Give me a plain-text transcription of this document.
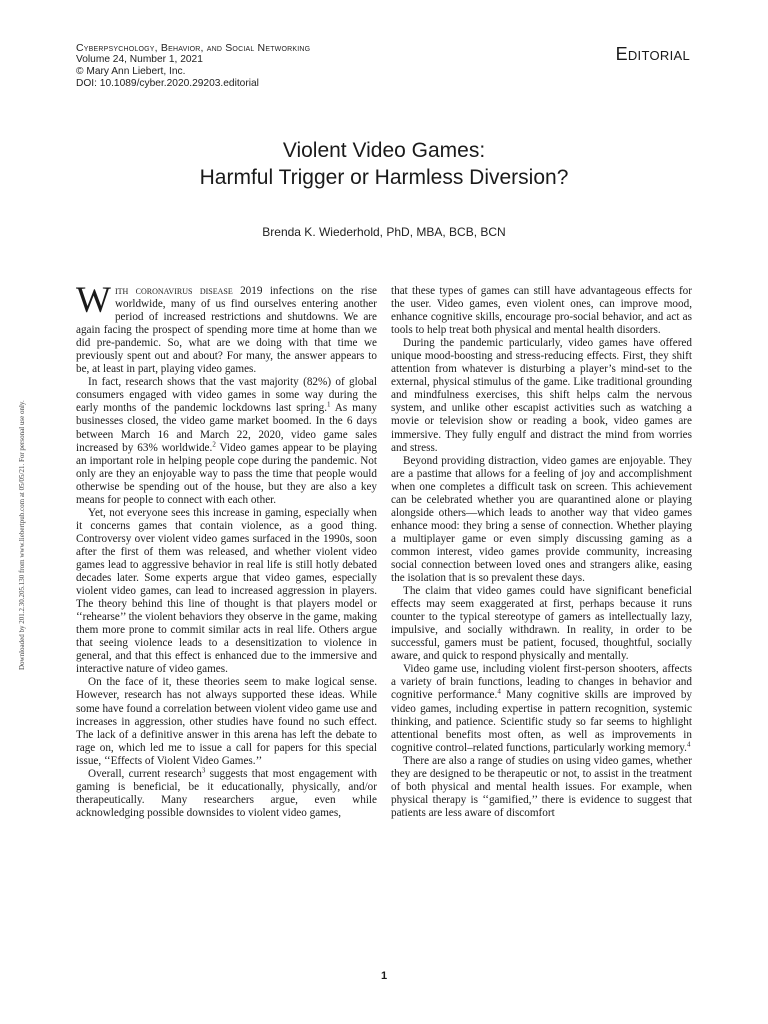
Cyberpsychology, Behavior, and Social Networking
Volume 24, Number 1, 2021
© Mary Ann Liebert, Inc.
DOI: 10.1089/cyber.2020.29203.editorial
Editorial
Violent Video Games:
Harmful Trigger or Harmless Diversion?
Brenda K. Wiederhold, PhD, MBA, BCB, BCN
Downloaded by 201.2.30.205.130 from www.liebertpub.com at 05/05/21. For personal use only.

With coronavirus disease 2019 infections on the rise worldwide, many of us find ourselves entering another period of increased restrictions and shutdowns. We are again facing the prospect of spending more time at home than we did pre-pandemic. So, what are we doing with that time we previously spent out and about? For many, the answer appears to be, at least in part, playing video games.

In fact, research shows that the vast majority (82%) of global consumers engaged with video games in some way during the early months of the pandemic lockdowns last spring.$^1$ As many businesses closed, the video game market boomed. In the 6 days between March 16 and March 22, 2020, video game sales increased by 63% worldwide.$^2$ Video games appear to be playing an important role in helping people cope during the pandemic. Not only are they an enjoyable way to pass the time that people would otherwise be spending out of the house, but they are also a key means for people to connect with each other.

Yet, not everyone sees this increase in gaming, especially when it concerns games that contain violence, as a good thing. Controversy over violent video games surfaced in the 1990s, soon after the first of them was released, and whether violent video games lead to aggressive behavior in real life is still hotly debated decades later. Some experts argue that video games, especially violent video games, can lead to increased aggression in players. The theory behind this line of thought is that players model or ‘‘rehearse’’ the violent behaviors they observe in the game, making them more prone to commit similar acts in real life. Others argue that seeing violence leads to a desensitization to violence in general, and that this effect is enhanced due to the immersive and interactive nature of video games.

On the face of it, these theories seem to make logical sense. However, research has not always supported these ideas. While some have found a correlation between violent video game use and increases in aggression, other studies have found no such effect. The lack of a definitive answer in this arena has left the debate to rage on, which led me to issue a call for papers for this special issue, ‘‘Effects of Violent Video Games.’’

Overall, current research$^3$ suggests that most engagement with gaming is beneficial, be it educationally, physically, and/or therapeutically. Many researchers argue, even while acknowledging possible downsides to violent video games,

that these types of games can still have advantageous effects for the user. Video games, even violent ones, can improve mood, enhance cognitive skills, encourage pro-social behavior, and act as tools to help treat both physical and mental health disorders.

During the pandemic particularly, video games have offered unique mood-boosting and stress-reducing effects. First, they shift attention from whatever is disturbing a player’s mind-set to the external, physical stimulus of the game. Like traditional grounding and mindfulness exercises, this shift helps calm the nervous system, and unlike other escapist activities such as watching a movie or television show or reading a book, video games are immersive. They fully engulf and distract the mind from worries and stress.

Beyond providing distraction, video games are enjoyable. They are a pastime that allows for a feeling of joy and accomplishment when one completes a difficult task on screen. This achievement can be celebrated whether you are quarantined alone or playing alongside others—which leads to another way that video games enhance mood: they bring a sense of connection. Whether playing a multiplayer game or even simply discussing gaming as a common interest, video games provide community, increasing social connection between loved ones and strangers alike, easing the isolation that is so prevalent these days.

The claim that video games could have significant beneficial effects may seem exaggerated at first, perhaps because it runs counter to the typical stereotype of gamers as intellectually lazy, impulsive, and socially withdrawn. In reality, in order to be successful, gamers must be patient, focused, thoughtful, socially aware, and quick to respond physically and mentally.

Video game use, including violent first-person shooters, affects a variety of brain functions, leading to changes in behavior and cognitive performance.$^4$ Many cognitive skills are improved by video games, including expertise in pattern recognition, systemic thinking, and patience. Scientific study so far seems to highlight attentional benefits most often, as well as improvements in cognitive control–related functions, particularly working memory.$^4$

There are also a range of studies on using video games, whether they are designed to be therapeutic or not, to assist in the treatment of both physical and mental health issues. For example, when physical therapy is ‘‘gamified,’’ there is evidence to suggest that patients are less aware of discomfort

1
